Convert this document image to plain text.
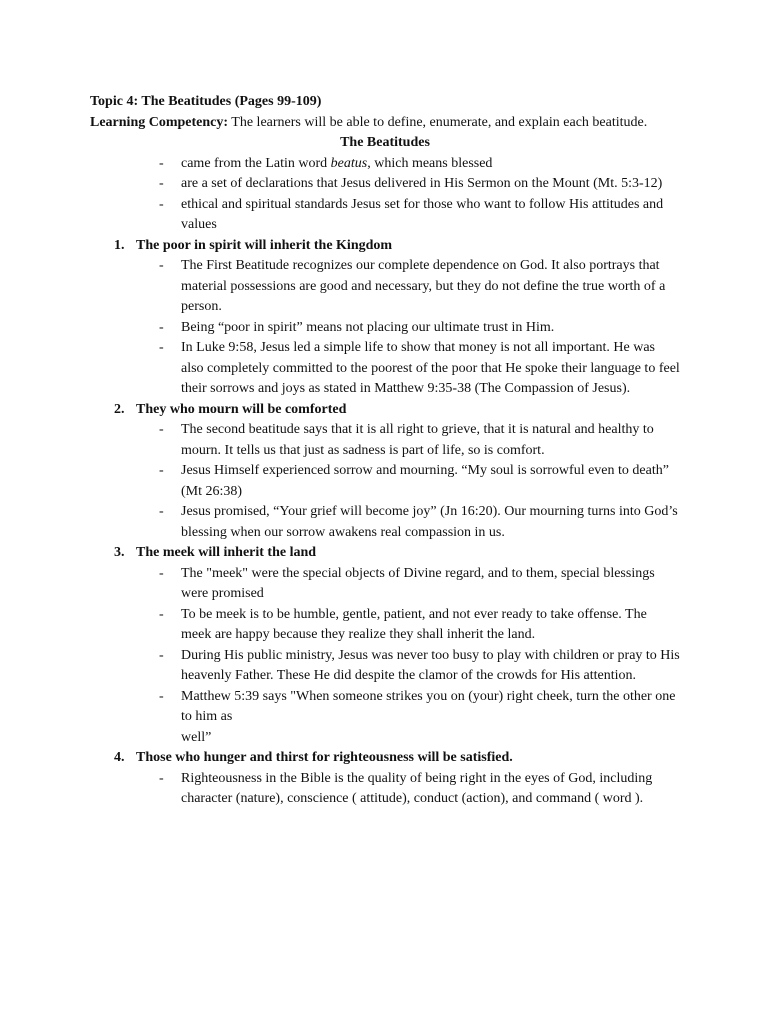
Topic 4: The Beatitudes (Pages 99-109)
Learning Competency: The learners will be able to define, enumerate, and explain each beatitude.
The Beatitudes
- came from the Latin word beatus, which means blessed
- are a set of declarations that Jesus delivered in His Sermon on the Mount (Mt. 5:3-12)
- ethical and spiritual standards Jesus set for those who want to follow His attitudes and values
1. The poor in spirit will inherit the Kingdom
- The First Beatitude recognizes our complete dependence on God. It also portrays that material possessions are good and necessary, but they do not define the true worth of a person.
- Being “poor in spirit” means not placing our ultimate trust in Him.
- In Luke 9:58, Jesus led a simple life to show that money is not all important. He was also completely committed to the poorest of the poor that He spoke their language to feel their sorrows and joys as stated in Matthew 9:35-38 (The Compassion of Jesus).
2. They who mourn will be comforted
- The second beatitude says that it is all right to grieve, that it is natural and healthy to mourn. It tells us that just as sadness is part of life, so is comfort.
- Jesus Himself experienced sorrow and mourning. “My soul is sorrowful even to death” (Mt 26:38)
- Jesus promised, “Your grief will become joy” (Jn 16:20). Our mourning turns into God’s blessing when our sorrow awakens real compassion in us.
3. The meek will inherit the land
- The "meek" were the special objects of Divine regard, and to them, special blessings were promised
- To be meek is to be humble, gentle, patient, and not ever ready to take offense. The meek are happy because they realize they shall inherit the land.
- During His public ministry, Jesus was never too busy to play with children or pray to His heavenly Father. These He did despite the clamor of the crowds for His attention.
- Matthew 5:39 says "When someone strikes you on (your) right cheek, turn the other one to him as
well”
4. Those who hunger and thirst for righteousness will be satisfied.
- Righteousness in the Bible is the quality of being right in the eyes of God, including character (nature), conscience ( attitude), conduct (action), and command ( word ).
